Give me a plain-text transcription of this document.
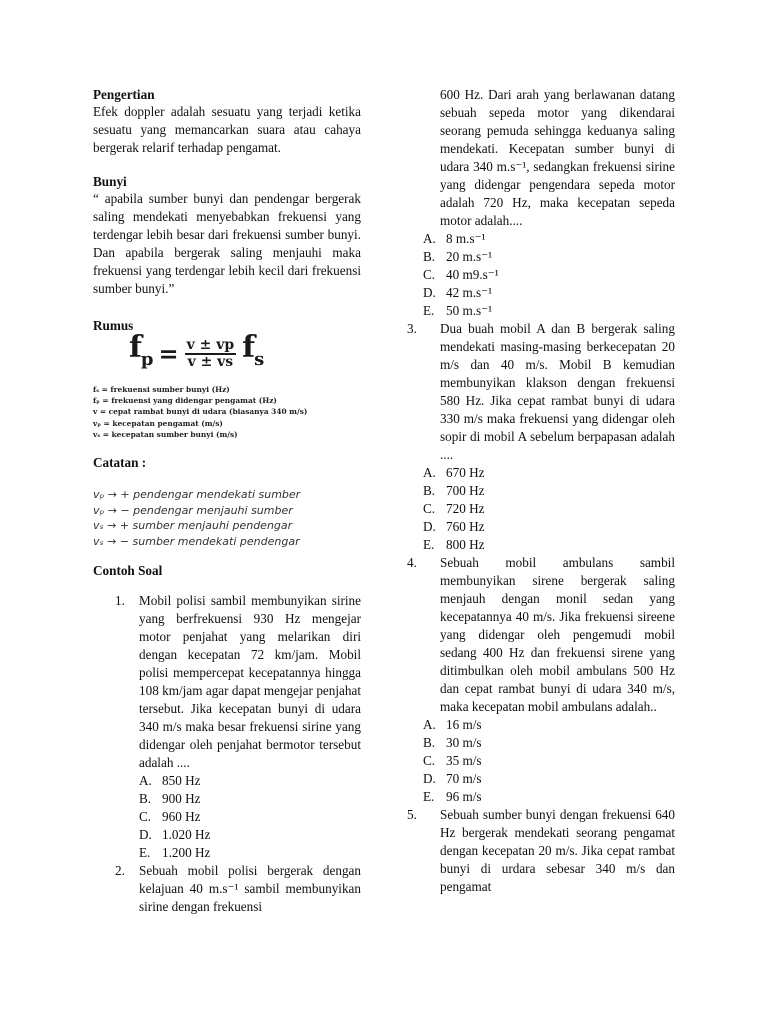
Pengertian

Efek doppler adalah sesuatu yang terjadi ketika sesuatu yang memancarkan suara atau cahaya bergerak relarif terhadap pengamat.

Bunyi

“ apabila sumber bunyi dan pendengar bergerak saling mendekati menyebabkan frekuensi yang terdengar lebih besar dari frekuensi sumber bunyi. Dan apabila bergerak saling menjauhi maka frekuensi yang terdengar lebih kecil dari frekuensi sumber bunyi.”

Rumus

$f_p = \frac{v \pm vp}{v \pm vs} f_s$
fₛ = frekuensi sumber bunyi (Hz)
fₚ = frekuensi yang didengar pengamat (Hz)
v = cepat rambat bunyi di udara (biasanya 340 m/s)
vₚ = kecepatan pengamat (m/s)
vₛ = kecepatan sumber bunyi (m/s)

Catatan :

vₚ → + pendengar mendekati sumber
vₚ → − pendengar menjauhi sumber
vₛ → + sumber menjauhi pendengar
vₛ → − sumber mendekati pendengar

Contoh Soal

1. Mobil polisi sambil membunyikan sirine yang berfrekuensi 930 Hz mengejar motor penjahat yang melarikan diri dengan kecepatan 72 km/jam. Mobil polisi mempercepat kecepatannya hingga 108 km/jam agar dapat mengejar penjahat tersebut. Jika kecepatan bunyi di udara 340 m/s maka besar frekuensi sirine yang didengar oleh penjahat bermotor tersebut adalah ....

A. 850 Hz
B. 900 Hz
C. 960 Hz
D. 1.020 Hz
E. 1.200 Hz
2. Sebuah mobil polisi bergerak dengan kelajuan 40 m.s⁻¹ sambil membunyikan sirine dengan frekuensi

600 Hz. Dari arah yang berlawanan datang sebuah sepeda motor yang dikendarai seorang pemuda sehingga keduanya saling mendekati. Kecepatan sumber bunyi di udara 340 m.s⁻¹, sedangkan frekuensi sirine yang didengar pengendara sepeda motor adalah 720 Hz, maka kecepatan sepeda motor adalah....

A. 8 m.s⁻¹
B. 20 m.s⁻¹
C. 40 m9.s⁻¹
D. 42 m.s⁻¹
E. 50 m.s⁻¹
3. Dua buah mobil A dan B bergerak saling mendekati masing-masing berkecepatan 20 m/s dan 40 m/s. Mobil B kemudian membunyikan klakson dengan frekuensi 580 Hz. Jika cepat rambat bunyi di udara 330 m/s maka frekuensi yang didengar oleh sopir di mobil A sebelum berpapasan adalah ....

A. 670 Hz
B. 700 Hz
C. 720 Hz
D. 760 Hz
E. 800 Hz
4. Sebuah mobil ambulans sambil membunyikan sirene bergerak saling menjauh dengan monil sedan yang kecepatannya 40 m/s. Jika frekuensi sireene yang didengar oleh pengemudi mobil sedang 400 Hz dan frekuensi sirene yang ditimbulkan oleh mobil ambulans 500 Hz dan cepat rambat bunyi di udara 340 m/s, maka kecepatan mobil ambulans adalah..

A. 16 m/s
B. 30 m/s
C. 35 m/s
D. 70 m/s
E. 96 m/s
5. Sebuah sumber bunyi dengan frekuensi 640 Hz bergerak mendekati seorang pengamat dengan kecepatan 20 m/s. Jika cepat rambat bunyi di urdara sebesar 340 m/s dan pengamat
